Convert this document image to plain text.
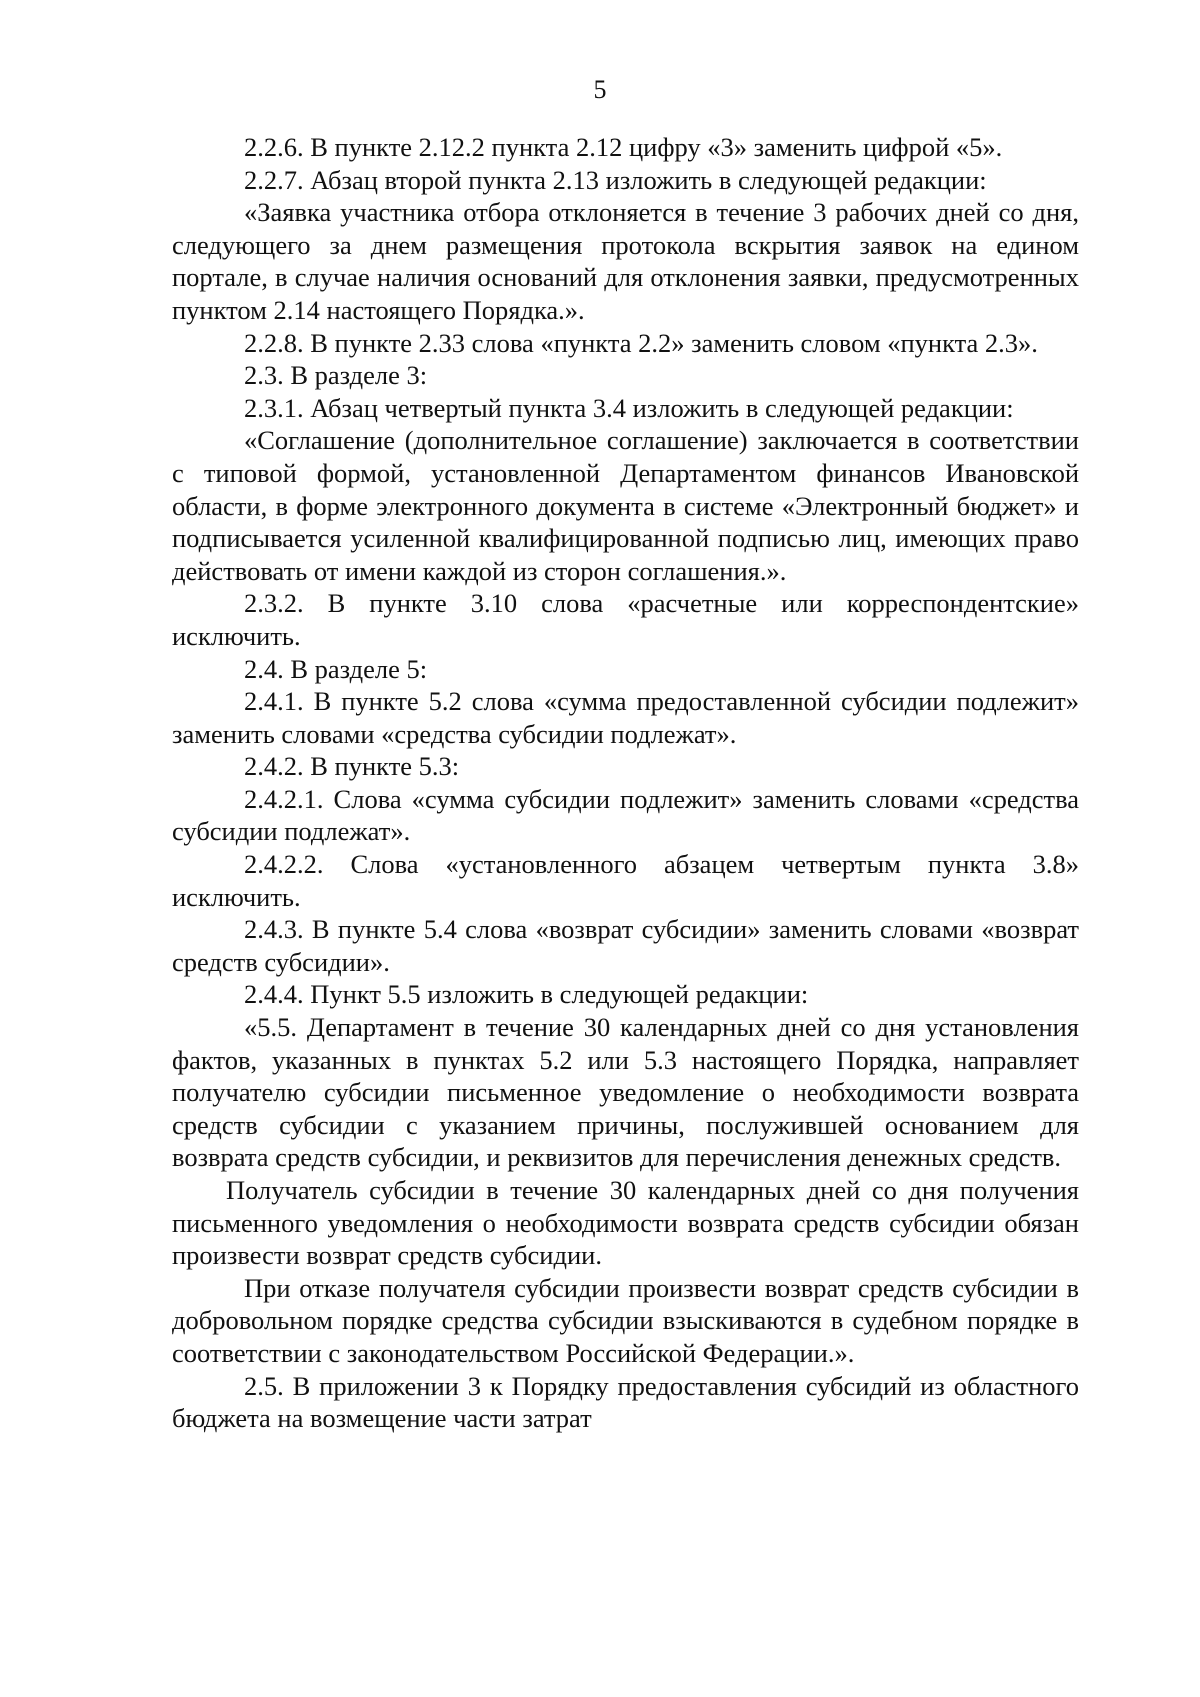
5

2.2.6. В пункте 2.12.2 пункта 2.12 цифру «3» заменить цифрой «5».

2.2.7. Абзац второй пункта 2.13 изложить в следующей редакции:

«Заявка участника отбора отклоняется в течение 3 рабочих дней со дня, следующего за днем размещения протокола вскрытия заявок на едином портале, в случае наличия оснований для отклонения заявки, предусмотренных пунктом 2.14 настоящего Порядка.».

2.2.8. В пункте 2.33 слова «пункта 2.2» заменить словом «пункта 2.3».

2.3. В разделе 3:

2.3.1. Абзац четвертый пункта 3.4 изложить в следующей редакции:

«Соглашение (дополнительное соглашение) заключается в соответствии с типовой формой, установленной Департаментом финансов Ивановской области, в форме электронного документа в системе «Электронный бюджет» и подписывается усиленной квалифицированной подписью лиц, имеющих право действовать от имени каждой из сторон соглашения.».

2.3.2. В пункте 3.10 слова «расчетные или корреспондентские» исключить.

2.4. В разделе 5:

2.4.1. В пункте 5.2 слова «сумма предоставленной субсидии подлежит» заменить словами «средства субсидии подлежат».

2.4.2. В пункте 5.3:

2.4.2.1. Слова «сумма субсидии подлежит» заменить словами «средства субсидии подлежат».

2.4.2.2. Слова «установленного абзацем четвертым пункта 3.8» исключить.

2.4.3. В пункте 5.4 слова «возврат субсидии» заменить словами «возврат средств субсидии».

2.4.4. Пункт 5.5 изложить в следующей редакции:

«5.5. Департамент в течение 30 календарных дней со дня установления фактов, указанных в пунктах 5.2 или 5.3 настоящего Порядка, направляет получателю субсидии письменное уведомление о необходимости возврата средств субсидии с указанием причины, послужившей основанием для возврата средств субсидии, и реквизитов для перечисления денежных средств.

Получатель субсидии в течение 30 календарных дней со дня получения письменного уведомления о необходимости возврата средств субсидии обязан произвести возврат средств субсидии.

При отказе получателя субсидии произвести возврат средств субсидии в добровольном порядке средства субсидии взыскиваются в судебном порядке в соответствии с законодательством Российской Федерации.».

2.5. В приложении 3 к Порядку предоставления субсидий из областного бюджета на возмещение части затрат
